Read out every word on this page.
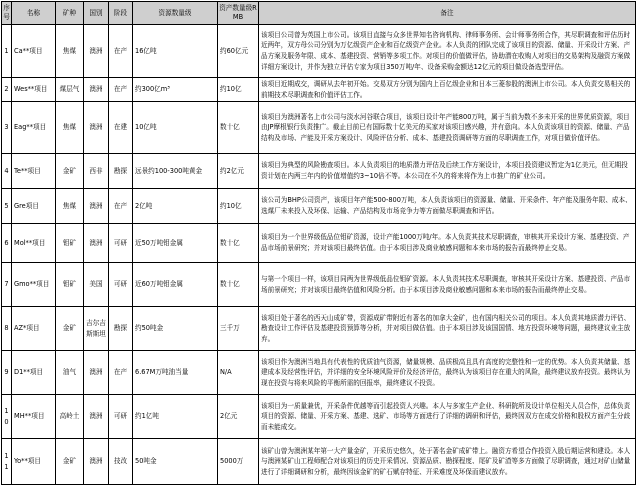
序号	名称	矿种	国别	阶段	资源数量级	资产数量级RMB	备注
1	Ca**项目	焦煤	澳洲	在产	16亿吨	约60亿元	该项目公司曾为英国上市公司。该项目直接与众多世界知名咨询机构、律师事务所、会计师事务所合作，其尽职调查和评估历时近两年，双方母公司分别为万亿级资产企业和百亿级资产企业。本人负责的团队完成了该项目的资源、储量、开采设计方案、产品方案及服务年限、成本、基建投资、营销等多项工作。对项目的价值做评估，协助潜在收购人对项目的交易架构及融资方案做详细方案设计，并作为独立评估专家为项目350万吨/年、设备采购金额达12亿元的项目做设备选型评估。
2	Wes**项目	煤层气	澳洲	在产	约300亿m³	约10亿	该项目近期成交，调研从去年初开始。交易双方分别为国内上百亿级企业和日本三菱参股的澳洲上市公司。本人负责交易相关的前期技术尽职调查和价值评估工作。
3	Eag**项目	焦煤	澳洲	在建	10亿吨	数十亿	该项目为澳洲著名上市公司与淡水河谷联合项目，该项目设计年产能800万吨，属于当前为数不多未开采的世界优质资源，项目由JP摩根银行负责推广。截止目前已有国际数十亿美元的买家对该项目感兴趣，并有意向。本人负责该项目的资源、储量、产品结构及市场、产能及开采方案设计、风险评估分析、成本、基建投资调研等方面的尽职调查工作，对项目做价值评估。
4	Te**项目	金矿	西非	勘探	远景约100-300吨黄金	约2亿元	该项目为典型的风险勘查项目。本人负责项目的地质潜力评估及后续工作方案设计，本项目投资建议暂定为1亿美元，但无期投资计划在内两三年内的价值增值约3~10倍不等。本公司在不久的将来将作为上市推广的矿业公司。
5	Gre项目	焦煤	澳洲	在产	2亿吨	约10亿	该公司为BHP公司资产，该项目年产能500-800万吨，本人负责该项目的资源量、储量、开采条件、年产能及服务年限、成本、选煤厂未来投入及环保、运输、产品结构及市场竞争力等方面做尽职调查和评估。
6	Mol**项目	钼矿	澳洲	可研	近50万吨钼金属	数十亿	该项目为一个世界级低品位钼矿资源，设计产能1000万吨/年。本人负责其技术尽职调查，审核其开采设计方案、基建投资、产品市场前景研究；并对该项目最终估值。由于本项目涉及商业敏感问题和本来市场的报告而最终停止交易。
7	Gmo**项目	钼矿	美国	可研	近60万吨钼金属	数十亿	与第一个项目一样，该项目同两为世界级低品位钼矿资源。本人负责其技术尽职调查，审核其开采设计方案、基建投资、产品市场前景研究；并对该项目最终估值和风险分析。由于本项目涉及商业敏感问题和本来市场的报告而最终停止交易。
8	AZ*项目	金矿	吉尔吉斯斯坦	勘探	约50吨金	三千万	该项目处于著名的西天山成矿带，资源成矿带附近有著名的加拿大金矿，也有国内相关公司的项目。本人负责其地质潜力评估、勘查设计工作评估及基建投资预算等分析，并对项目做估值。由于本项目涉及该国国情、地方投资环境等问题，最终建议业主放弃。
9	D1**项目	油气	澳洲	在产	6.67M万吨油当量	N/A	该项目作为澳洲当地具有代表性的优质油气资源，储量规模、品质极高且具有高度的完整性和一定的优势。本人负责其储量、基建成本及经营性评估，并详细的安全环境风险评价及经济评估，最终认为该项目存在重大的风险，最终建议放弃投资。最终认为现在投资与将来风险的平衡所需的回报率，最终建议不投资。
10	MH**项目	高岭土	澳洲	可研	约1亿吨	2亿元	该项目为一质量兼优，开采条件优越等而引起投资人兴趣。本人与多家生产企业、科研院所及设计单位相关人员合作，总体负责项目的资源、储量、开采方案、基建、选矿、市场等方面进行了详细的调研和评估，最终因双方在成交价格和股权方面产生分歧而未能成交。
11	Yo**项目	金矿	澳洲	技改	50吨金	5000万	该矿山曾为澳洲某年第一大产量金矿，开采历史悠久，处于著名金矿成矿带上。融资方希望合作投资入股后期运营和建设。本人与澳洲某矿山工程师配合对该项目的历史开采情况、资源品质、勘探程度、尾矿及矿渣等多方面做了尽职调查，通过对矿山储量进行了详细调研和分析，最终因该金矿的矿石赋存特征、开采难度及环保而建议放弃。
